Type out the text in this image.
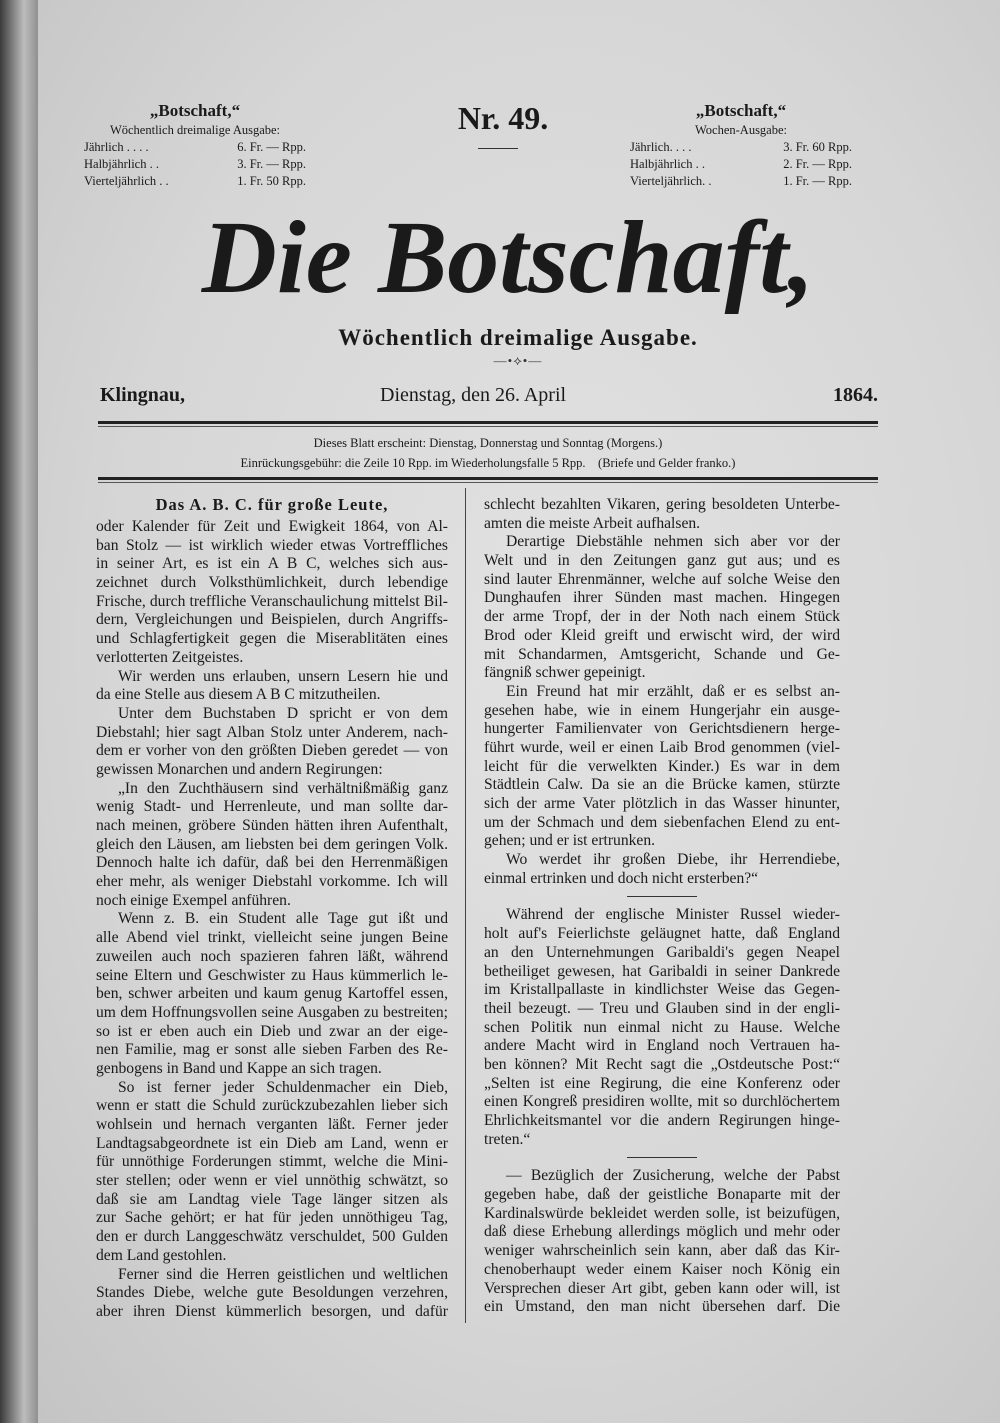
„Botschaft,“
Wöchentlich dreimalige Ausgabe:
Jährlich . . . .	6. Fr. — Rpp.
Halbjährlich . .	3. Fr. — Rpp.
Vierteljährlich . .	1. Fr. 50 Rpp.
Nr. 49.	„Botschaft,“
Wochen-Ausgabe:
Jährlich. . . .	3. Fr. 60 Rpp.
Halbjährlich . .	2. Fr. — Rpp.
Vierteljährlich. .	1. Fr. — Rpp.
Die Botschaft,
Wöchentlich dreimalige Ausgabe.
—•⟡•—
Klingnau,	Dienstag, den 26. April	1864.
Dieses Blatt erscheint: Dienstag, Donnerstag und Sonntag (Morgens.)
Einrückungsgebühr: die Zeile 10 Rpp. im Wiederholungsfalle 5 Rpp.    (Briefe und Gelder franko.)
Das A. B. C. für große Leute,
oder Kalender für Zeit und Ewigkeit 1864, von Al-
ban Stolz — ist wirklich wieder etwas Vortreffliches
in seiner Art, es ist ein A B C, welches sich aus-
zeichnet durch Volksthümlichkeit, durch lebendige
Frische, durch treffliche Veranschaulichung mittelst Bil-
dern, Vergleichungen und Beispielen, durch Angriffs-
und Schlagfertigkeit gegen die Miserablitäten eines
verlotterten Zeitgeistes.
Wir werden uns erlauben, unsern Lesern hie und
da eine Stelle aus diesem A B C mitzutheilen.
Unter dem Buchstaben D spricht er von dem
Diebstahl; hier sagt Alban Stolz unter Anderem, nach-
dem er vorher von den größten Dieben geredet — von
gewissen Monarchen und andern Regirungen:
„In den Zuchthäusern sind verhältnißmäßig ganz
wenig Stadt- und Herrenleute, und man sollte dar-
nach meinen, gröbere Sünden hätten ihren Aufenthalt,
gleich den Läusen, am liebsten bei dem geringen Volk.
Dennoch halte ich dafür, daß bei den Herrenmäßigen
eher mehr, als weniger Diebstahl vorkomme. Ich will
noch einige Exempel anführen.
Wenn z. B. ein Student alle Tage gut ißt und
alle Abend viel trinkt, vielleicht seine jungen Beine
zuweilen auch noch spazieren fahren läßt, während
seine Eltern und Geschwister zu Haus kümmerlich le-
ben, schwer arbeiten und kaum genug Kartoffel essen,
um dem Hoffnungsvollen seine Ausgaben zu bestreiten;
so ist er eben auch ein Dieb und zwar an der eige-
nen Familie, mag er sonst alle sieben Farben des Re-
genbogens in Band und Kappe an sich tragen.
So ist ferner jeder Schuldenmacher ein Dieb,
wenn er statt die Schuld zurückzubezahlen lieber sich
wohlsein und hernach verganten läßt. Ferner jeder
Landtagsabgeordnete ist ein Dieb am Land, wenn er
für unnöthige Forderungen stimmt, welche die Mini-
ster stellen; oder wenn er viel unnöthig schwätzt, so
daß sie am Landtag viele Tage länger sitzen als
zur Sache gehört; er hat für jeden unnöthigeu Tag,
den er durch Langgeschwätz verschuldet, 500 Gulden
dem Land gestohlen.
Ferner sind die Herren geistlichen und weltlichen
Standes Diebe, welche gute Besoldungen verzehren,
aber ihren Dienst kümmerlich besorgen, und dafür
schlecht bezahlten Vikaren, gering besoldeten Unterbe-
amten die meiste Arbeit aufhalsen.
Derartige Diebstähle nehmen sich aber vor der
Welt und in den Zeitungen ganz gut aus; und es
sind lauter Ehrenmänner, welche auf solche Weise den
Dunghaufen ihrer Sünden mast machen. Hingegen
der arme Tropf, der in der Noth nach einem Stück
Brod oder Kleid greift und erwischt wird, der wird
mit Schandarmen, Amtsgericht, Schande und Ge-
fängniß schwer gepeinigt.
Ein Freund hat mir erzählt, daß er es selbst an-
gesehen habe, wie in einem Hungerjahr ein ausge-
hungerter Familienvater von Gerichtsdienern herge-
führt wurde, weil er einen Laib Brod genommen (viel-
leicht für die verwelkten Kinder.) Es war in dem
Städtlein Calw. Da sie an die Brücke kamen, stürzte
sich der arme Vater plötzlich in das Wasser hinunter,
um der Schmach und dem siebenfachen Elend zu ent-
gehen; und er ist ertrunken.
Wo werdet ihr großen Diebe, ihr Herrendiebe,
einmal ertrinken und doch nicht ersterben?“
Während der englische Minister Russel wieder-
holt auf's Feierlichste geläugnet hatte, daß England
an den Unternehmungen Garibaldi's gegen Neapel
betheiliget gewesen, hat Garibaldi in seiner Dankrede
im Kristallpallaste in kindlichster Weise das Gegen-
theil bezeugt. — Treu und Glauben sind in der engli-
schen Politik nun einmal nicht zu Hause. Welche
andere Macht wird in England noch Vertrauen ha-
ben können? Mit Recht sagt die „Ostdeutsche Post:“
„Selten ist eine Regirung, die eine Konferenz oder
einen Kongreß presidiren wollte, mit so durchlöchertem
Ehrlichkeitsmantel vor die andern Regirungen hinge-
treten.“
— Bezüglich der Zusicherung, welche der Pabst
gegeben habe, daß der geistliche Bonaparte mit der
Kardinalswürde bekleidet werden solle, ist beizufügen,
daß diese Erhebung allerdings möglich und mehr oder
weniger wahrscheinlich sein kann, aber daß das Kir-
chenoberhaupt weder einem Kaiser noch König ein
Versprechen dieser Art gibt, geben kann oder will, ist
ein Umstand, den man nicht übersehen darf. Die
